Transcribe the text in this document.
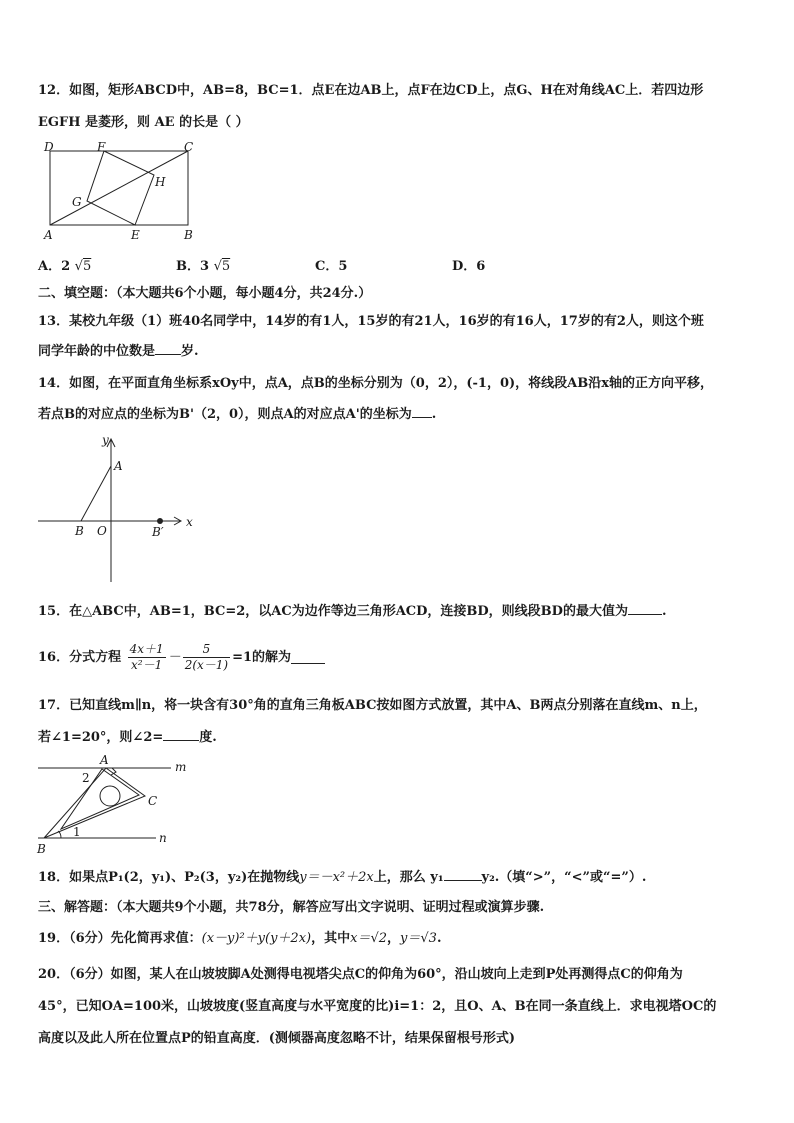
12．如图，矩形ABCD中，AB=8，BC=1．点E在边AB上，点F在边CD上，点G、H在对角线AC上．若四边形
EGFH 是菱形，则 AE 的长是（ ）
D	F	C
H
G
A	E	B
A．2 √5	B．3 √5	C．5	D．6
二、填空题：（本大题共6个小题，每小题4分，共24分.）
13．某校九年级（1）班40名同学中，14岁的有1人，15岁的有21人，16岁的有16人，17岁的有2人，则这个班
同学年龄的中位数是 岁.
14．如图，在平面直角坐标系xOy中，点A，点B的坐标分别为（0，2），(-1，0)，将线段AB沿x轴的正方向平移，
若点B的对应点的坐标为B'（2，0），则点A的对应点A'的坐标为 .
y
A
x
B O	B′
15．在△ABC中，AB=1，BC=2，以AC为边作等边三角形ACD，连接BD，则线段BD的最大值为	.
16．分式方程 $\frac{4x+1}{\text{x²－1}} - \frac{5}{2(x-1)} =1$的解为
17．已知直线m∥n，将一块含有30°角的直角三角板ABC按如图方式放置，其中A、B两点分别落在直线m、n上，
若∠1=20°，则∠2=	度.
m
A
2
C
1	n
B
18．如果点P₁(2，y₁)、P₂(3，y₂)在抛物线y＝－x²＋2x上，那么 y₁	y₂.（填“>”，“<”或“=”）.
三、解答题：（本大题共9个小题，共78分，解答应写出文字说明、证明过程或演算步骤.
19．（6分）先化简再求值：(x－y)²＋y(y＋2x)，其中x＝√2，y＝√3.
20．（6分）如图，某人在山坡坡脚A处测得电视塔尖点C的仰角为60°，沿山坡向上走到P处再测得点C的仰角为
45°，已知OA=100米，山坡坡度(竖直高度与水平宽度的比)i=1：2，且O、A、B在同一条直线上．求电视塔OC的
高度以及此人所在位置点P的铅直高度．(测倾器高度忽略不计，结果保留根号形式)
